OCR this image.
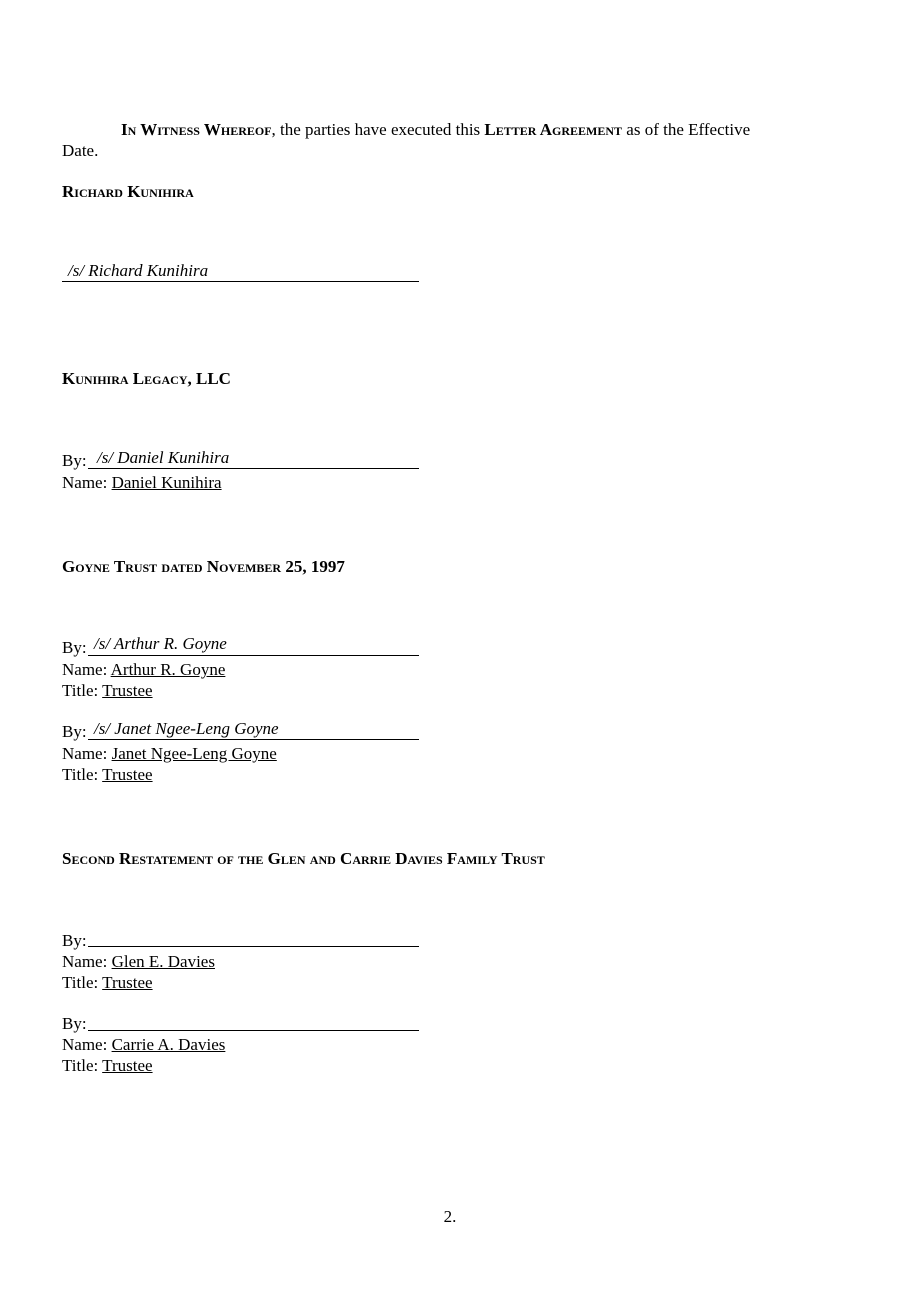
In Witness Whereof, the parties have executed this Letter Agreement as of the Effective
Date.
Richard Kunihira
/s/ Richard Kunihira
Kunihira Legacy, LLC
By: /s/ Daniel Kunihira
Name: Daniel Kunihira
Goyne Trust dated November 25, 1997
By: /s/ Arthur R. Goyne
Name: Arthur R. Goyne
Title: Trustee
By: /s/ Janet Ngee-Leng Goyne
Name: Janet Ngee-Leng Goyne
Title: Trustee
Second Restatement of the Glen and Carrie Davies Family Trust
By:
Name: Glen E. Davies
Title: Trustee
By:
Name: Carrie A. Davies
Title: Trustee
2.
